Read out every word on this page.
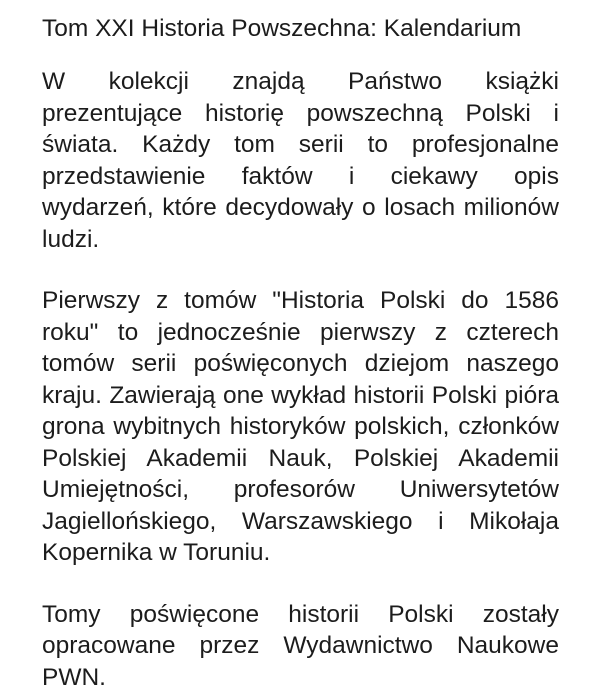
Tom XXI Historia Powszechna: Kalendarium

W kolekcji znajdą Państwo książki prezentujące historię powszechną Polski i świata. Każdy tom serii to profesjonalne przedstawienie faktów i ciekawy opis wydarzeń, które decydowały o losach milionów ludzi.

Pierwszy z tomów "Historia Polski do 1586 roku" to jednocześnie pierwszy z czterech tomów serii poświęconych dziejom naszego kraju. Zawierają one wykład historii Polski pióra grona wybitnych historyków polskich, członków Polskiej Akademii Nauk, Polskiej Akademii Umiejętności, profesorów Uniwersytetów Jagiellońskiego, Warszawskiego i Mikołaja Kopernika w Toruniu.

Tomy poświęcone historii Polski zostały opracowane przez Wydawnictwo Naukowe PWN.
